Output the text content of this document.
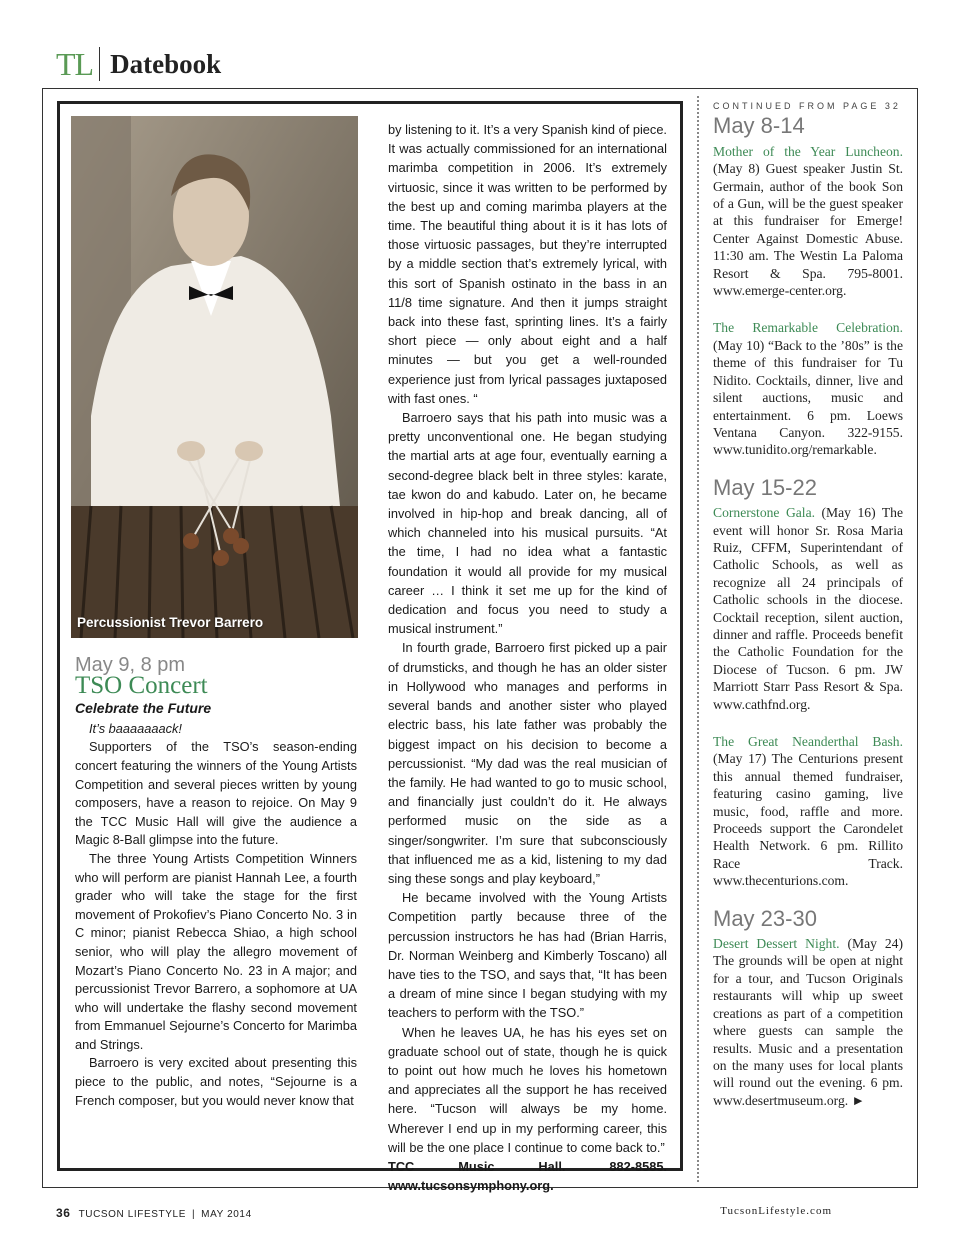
TL Datebook
Percussionist Trevor Barrero
May 9, 8 pm
TSO Concert
Celebrate the Future

It’s baaaaaaack!

Supporters of the TSO’s season-ending concert featuring the winners of the Young Artists Competition and several pieces written by young composers, have a reason to rejoice. On May 9 the TCC Music Hall will give the audience a Magic 8-Ball glimpse into the future.

The three Young Artists Competition Winners who will perform are pianist Hannah Lee, a fourth grader who will take the stage for the first movement of Prokofiev’s Piano Concerto No. 3 in C minor; pianist Rebecca Shiao, a high school senior, who will play the allegro movement of Mozart’s Piano Concerto No. 23 in A major; and percussionist Trevor Barrero, a sophomore at UA who will undertake the flashy second movement from Emmanuel Sejourne’s Concerto for Marimba and Strings.

Barroero is very excited about presenting this piece to the public, and notes, “Sejourne is a French composer, but you would never know that

by listening to it. It’s a very Spanish kind of piece. It was actually commissioned for an international marimba competition in 2006. It’s extremely virtuosic, since it was written to be performed by the best up and coming marimba players at the time. The beautiful thing about it is it has lots of those virtuosic passages, but they’re interrupted by a middle section that’s extremely lyrical, with this sort of Spanish ostinato in the bass in an 11/8 time signature. And then it jumps straight back into these fast, sprinting lines. It’s a fairly short piece — only about eight and a half minutes — but you get a well-rounded experience just from lyrical passages juxtaposed with fast ones. “

Barroero says that his path into music was a pretty unconventional one. He began studying the martial arts at age four, eventually earning a second-degree black belt in three styles: karate, tae kwon do and kabudo. Later on, he became involved in hip-hop and break dancing, all of which channeled into his musical pursuits. “At the time, I had no idea what a fantastic foundation it would all provide for my musical career … I think it set me up for the kind of dedication and focus you need to study a musical instrument.”

In fourth grade, Barroero first picked up a pair of drumsticks, and though he has an older sister in Hollywood who manages and performs in several bands and another sister who played electric bass, his late father was probably the biggest impact on his decision to become a percussionist. “My dad was the real musician of the family. He had wanted to go to music school, and financially just couldn’t do it. He always performed music on the side as a singer/songwriter. I’m sure that subconsciously that influenced me as a kid, listening to my dad sing these songs and play keyboard,”

He became involved with the Young Artists Competition partly because three of the percussion instructors he has had (Brian Harris, Dr. Norman Weinberg and Kimberly Toscano) all have ties to the TSO, and says that, “It has been a dream of mine since I began studying with my teachers to perform with the TSO.”

When he leaves UA, he has his eyes set on graduate school out of state, though he is quick to point out how much he loves his hometown and appreciates all the support he has received here. “Tucson will always be my home. Wherever I end up in my performing career, this will be the one place I continue to come back to.”

TCC Music Hall. 882-8585. www.tucsonsymphony.org.

CONTINUED FROM PAGE 32
May 8-14
Mother of the Year Luncheon. (May 8) Guest speaker Justin St. Germain, author of the book Son of a Gun, will be the guest speaker at this fundraiser for Emerge! Center Against Domestic Abuse. 11:30 am. The Westin La Paloma Resort & Spa. 795-8001. www.emerge-center.org.
The Remarkable Celebration. (May 10) “Back to the ’80s” is the theme of this fundraiser for Tu Nidito. Cocktails, dinner, live and silent auctions, music and entertainment. 6 pm. Loews Ventana Canyon. 322-9155. www.tunidito.org/remarkable.
May 15-22
Cornerstone Gala. (May 16) The event will honor Sr. Rosa Maria Ruiz, CFFM, Superintendant of Catholic Schools, as well as recognize all 24 principals of Catholic schools in the diocese. Cocktail reception, silent auction, dinner and raffle. Proceeds benefit the Catholic Foundation for the Diocese of Tucson. 6 pm. JW Marriott Starr Pass Resort & Spa. www.cathfnd.org.
The Great Neanderthal Bash. (May 17) The Centurions present this annual themed fundraiser, featuring casino gaming, live music, food, raffle and more. Proceeds support the Carondelet Health Network. 6 pm. Rillito Race Track. www.thecenturions.com.
May 23-30
Desert Dessert Night. (May 24) The grounds will be open at night for a tour, and Tucson Originals restaurants will whip up sweet creations as part of a competition where guests can sample the results. Music and a presentation on the many uses for local plants will round out the evening. 6 pm. www.desertmuseum.org. ►
36 TUCSON LIFESTYLE | MAY 2014	TucsonLifestyle.com
